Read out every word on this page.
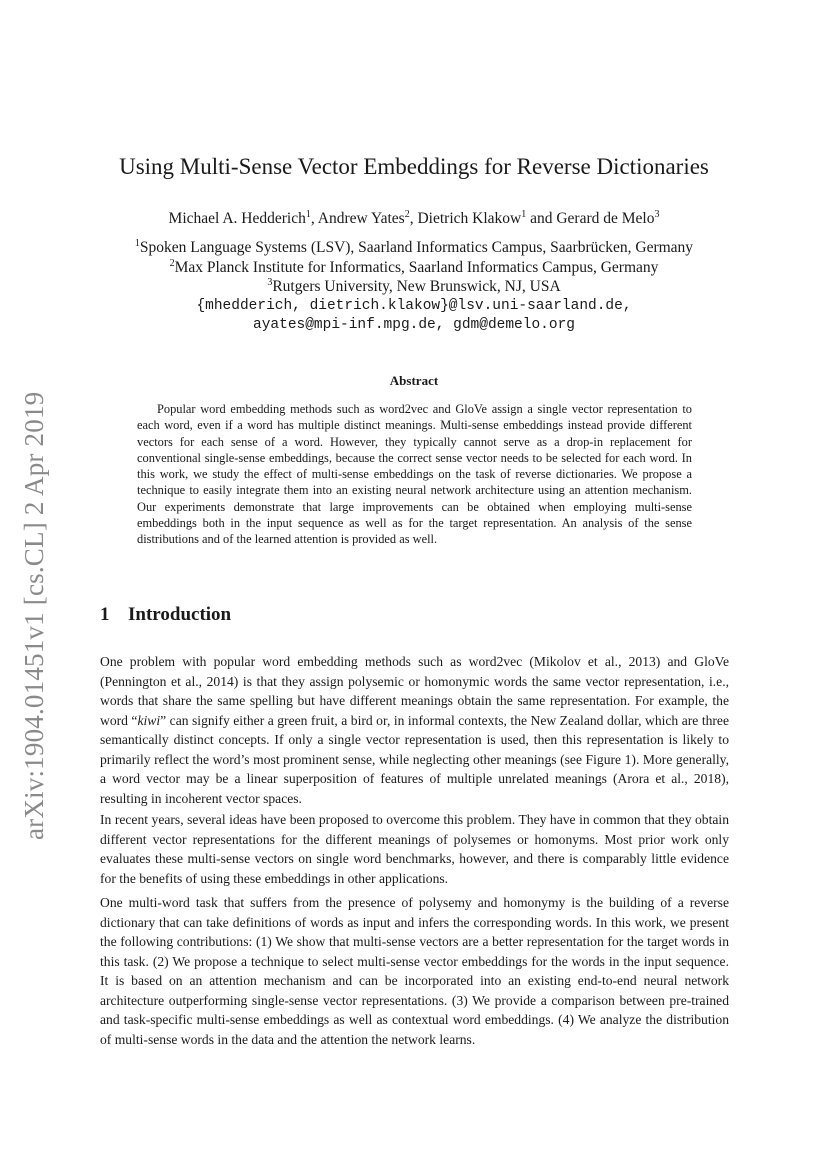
arXiv:1904.01451v1 [cs.CL] 2 Apr 2019
Using Multi-Sense Vector Embeddings for Reverse Dictionaries
Michael A. Hedderich$^1$, Andrew Yates$^2$, Dietrich Klakow$^1$ and Gerard de Melo$^3$
$^1$Spoken Language Systems (LSV), Saarland Informatics Campus, Saarbrücken, Germany
$^2$Max Planck Institute for Informatics, Saarland Informatics Campus, Germany
$^3$Rutgers University, New Brunswick, NJ, USA
{mhedderich, dietrich.klakow}@lsv.uni-saarland.de,
ayates@mpi-inf.mpg.de, gdm@demelo.org
Abstract

Popular word embedding methods such as word2vec and GloVe assign a single vector representation to each word, even if a word has multiple distinct meanings. Multi-sense embeddings instead provide different vectors for each sense of a word. However, they typically cannot serve as a drop-in replacement for conventional single-sense embeddings, because the correct sense vector needs to be selected for each word. In this work, we study the effect of multi-sense embeddings on the task of reverse dictionaries. We propose a technique to easily integrate them into an existing neural network architecture using an attention mechanism. Our experiments demonstrate that large improvements can be obtained when employing multi-sense embeddings both in the input sequence as well as for the target representation. An analysis of the sense distributions and of the learned attention is provided as well.

1 Introduction

One problem with popular word embedding methods such as word2vec (Mikolov et al., 2013) and GloVe (Pennington et al., 2014) is that they assign polysemic or homonymic words the same vector representation, i.e., words that share the same spelling but have different meanings obtain the same representation. For example, the word “kiwi” can signify either a green fruit, a bird or, in informal contexts, the New Zealand dollar, which are three semantically distinct concepts. If only a single vector representation is used, then this representation is likely to primarily reflect the word’s most prominent sense, while neglecting other meanings (see Figure 1). More generally, a word vector may be a linear superposition of features of multiple unrelated meanings (Arora et al., 2018), resulting in incoherent vector spaces.

In recent years, several ideas have been proposed to overcome this problem. They have in common that they obtain different vector representations for the different meanings of polysemes or homonyms. Most prior work only evaluates these multi-sense vectors on single word benchmarks, however, and there is comparably little evidence for the benefits of using these embeddings in other applications.

One multi-word task that suffers from the presence of polysemy and homonymy is the building of a reverse dictionary that can take definitions of words as input and infers the corresponding words. In this work, we present the following contributions: (1) We show that multi-sense vectors are a better representation for the target words in this task. (2) We propose a technique to select multi-sense vector embeddings for the words in the input sequence. It is based on an attention mechanism and can be incorporated into an existing end-to-end neural network architecture outperforming single-sense vector representations. (3) We provide a comparison between pre-trained and task-specific multi-sense embeddings as well as contextual word embeddings. (4) We analyze the distribution of multi-sense words in the data and the attention the network learns.
